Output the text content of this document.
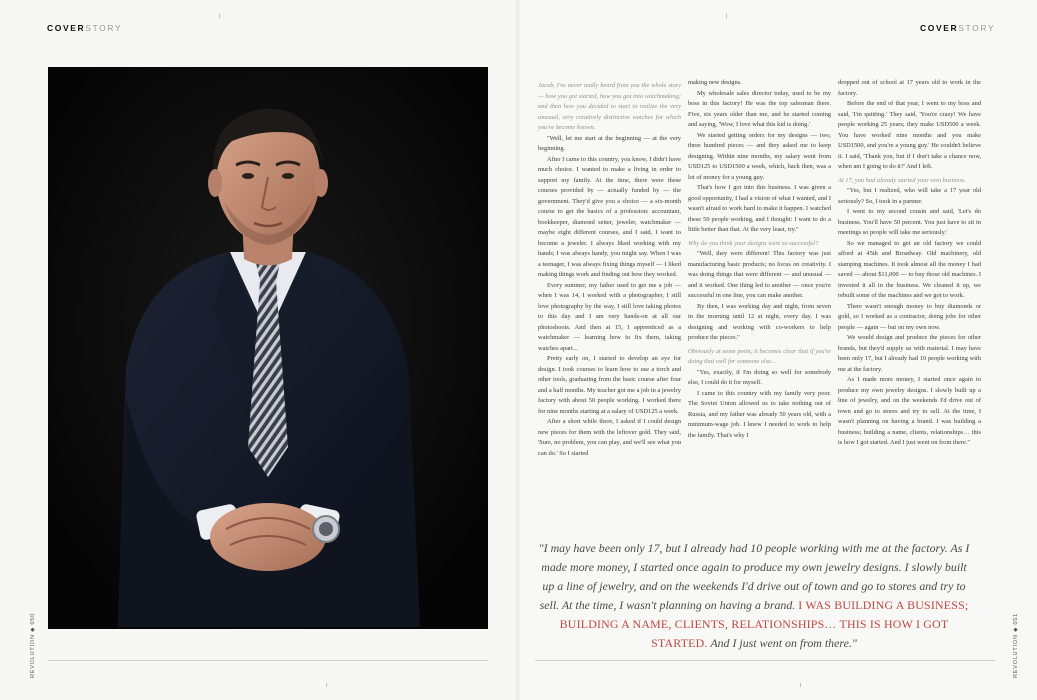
COVERSTORY	COVERSTORY

Jacob, I've never really heard from you the whole story — how you got started, how you got into watchmaking; and then how you decided to start to realize the very unusual, very creatively distinctive watches for which you've become known.

"Well, let me start at the beginning — at the very beginning.

After I came to this country, you know, I didn't have much choice. I wanted to make a living in order to support my family. At the time, there were these courses provided by — actually funded by — the government. They'd give you a choice — a six-month course to get the basics of a profession: accountant, bookkeeper, diamond setter, jeweler, watchmaker — maybe eight different courses, and I said, I want to become a jeweler. I always liked working with my hands; I was always handy, you might say. When I was a teenager, I was always fixing things myself — I liked making things work and finding out how they worked.

Every summer, my father used to get me a job — when I was 14, I worked with a photographer, I still love photography by the way, I still love taking photos to this day and I am very hands-on at all our photoshoots. And then at 15, I apprenticed as a watchmaker — learning how to fix them, taking watches apart...

Pretty early on, I started to develop an eye for design. I took courses to learn how to use a torch and other tools, graduating from the basic course after four and a half months. My teacher got me a job in a jewelry factory with about 50 people working. I worked there for nine months starting at a salary of USD125 a week.

After a short while there, I asked if I could design new pieces for them with the leftover gold. They said, 'Sure, no problem, you can play, and we'll see what you can do.' So I started

making new designs.

My wholesale sales director today, used to be my boss in this factory! He was the top salesman there. Five, six years older than me, and he started coming and saying, 'Wow, I love what this kid is doing.'

We started getting orders for my designs — two, three hundred pieces — and they asked me to keep designing. Within nine months, my salary went from USD125 to USD1500 a week, which, back then, was a lot of money for a young guy.

That's how I got into this business. I was given a good opportunity, I had a vision of what I wanted, and I wasn't afraid to work hard to make it happen. I watched these 50 people working, and I thought: I want to do a little better than that. At the very least, try."

Why do you think your designs were so successful?

"Well, they were different! This factory was just manufacturing basic products; no focus on creativity. I was doing things that were different — and unusual — and it worked. One thing led to another — once you're successful in one line, you can make another.

By then, I was working day and night, from seven in the morning until 12 at night, every day. I was designing and working with co-workers to help produce the pieces."

Obviously at some point, it becomes clear that if you're doing that well for someone else…

"Yes, exactly, if I'm doing so well for somebody else, I could do it for myself.

I came to this country with my family very poor. The Soviet Union allowed us to take nothing out of Russia, and my father was already 50 years old, with a minimum-wage job. I knew I needed to work to help the family. That's why I

dropped out of school at 17 years old to work in the factory.

Before the end of that year, I went to my boss and said, 'I'm quitting.' They said, 'You're crazy! We have people working 25 years; they make USD500 a week. You have worked nine months and you make USD1500, and you're a young guy.' He couldn't believe it. I said, 'Thank you, but if I don't take a chance now, when am I going to do it?' And I left.

At 17, you had already started your own business.

"Yes, but I realized, who will take a 17 year old seriously? So, I took in a partner.

I went to my second cousin and said, 'Let's do business. You'll have 50 percent. You just have to sit in meetings so people will take me seriously.'

So we managed to get an old factory we could afford at 45th and Broadway. Old machinery, old stamping machines. It took almost all the money I had saved — about $11,000 — to buy those old machines. I invested it all in the business. We cleaned it up, we rebuilt some of the machines and we got to work.

There wasn't enough money to buy diamonds or gold, so I worked as a contractor, doing jobs for other people — again — but on my own now.

We would design and produce the pieces for other brands, but they'd supply us with material. I may have been only 17, but I already had 10 people working with me at the factory.

As I made more money, I started once again to produce my own jewelry designs. I slowly built up a line of jewelry, and on the weekends I'd drive out of town and go to stores and try to sell. At the time, I wasn't planning on having a brand. I was building a business; building a name, clients, relationships… this is how I got started. And I just went on from there."

"I may have been only 17, but I already had 10 people working with me at the factory. As I made more money, I started once again to produce my own jewelry designs. I slowly built up a line of jewelry, and on the weekends I'd drive out of town and go to stores and try to sell. At the time, I wasn't planning on having a brand. I WAS BUILDING A BUSINESS; BUILDING A NAME, CLIENTS, RELATIONSHIPS… THIS IS HOW I GOT STARTED. And I just went on from there."
REVOLUTION ◆ 050	REVOLUTION ◆ 051
